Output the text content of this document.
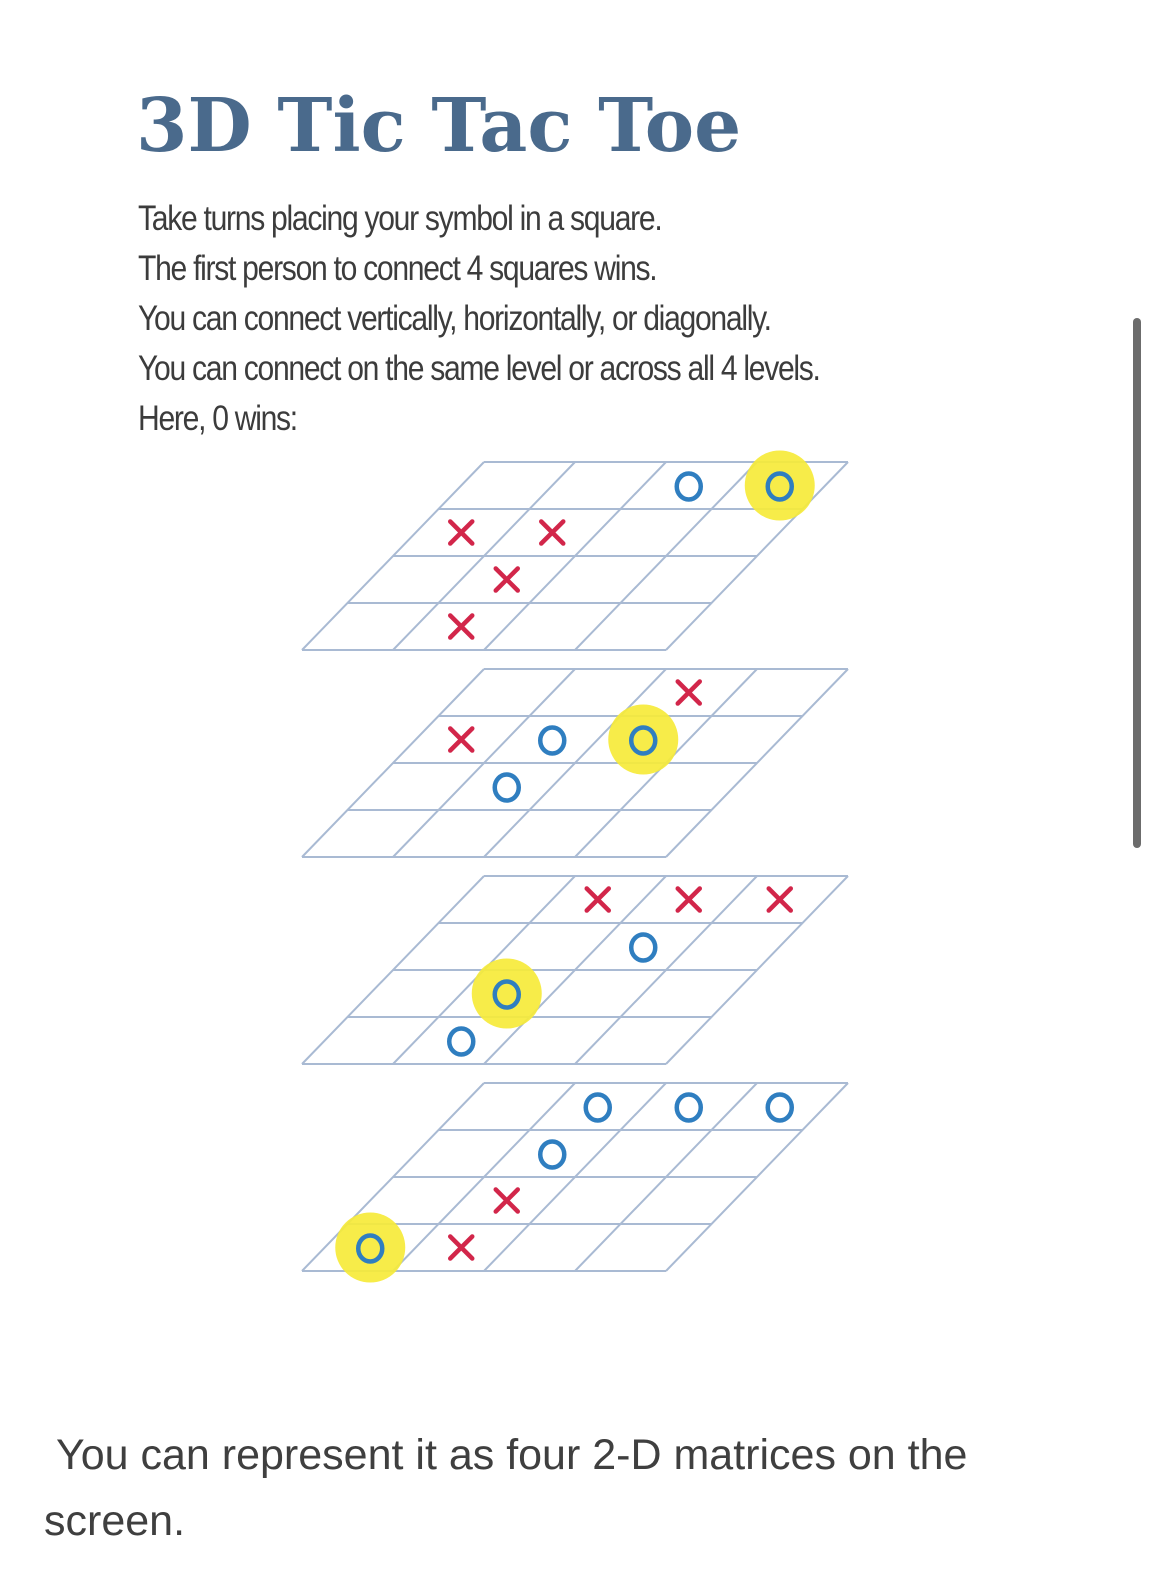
3D Tic Tac Toe
Take turns placing your symbol in a square.
The first person to connect 4 squares wins.
You can connect vertically, horizontally, or diagonally.
You can connect on the same level or across all 4 levels.
Here, 0 wins:

You can represent it as four 2-D matrices on the screen.
